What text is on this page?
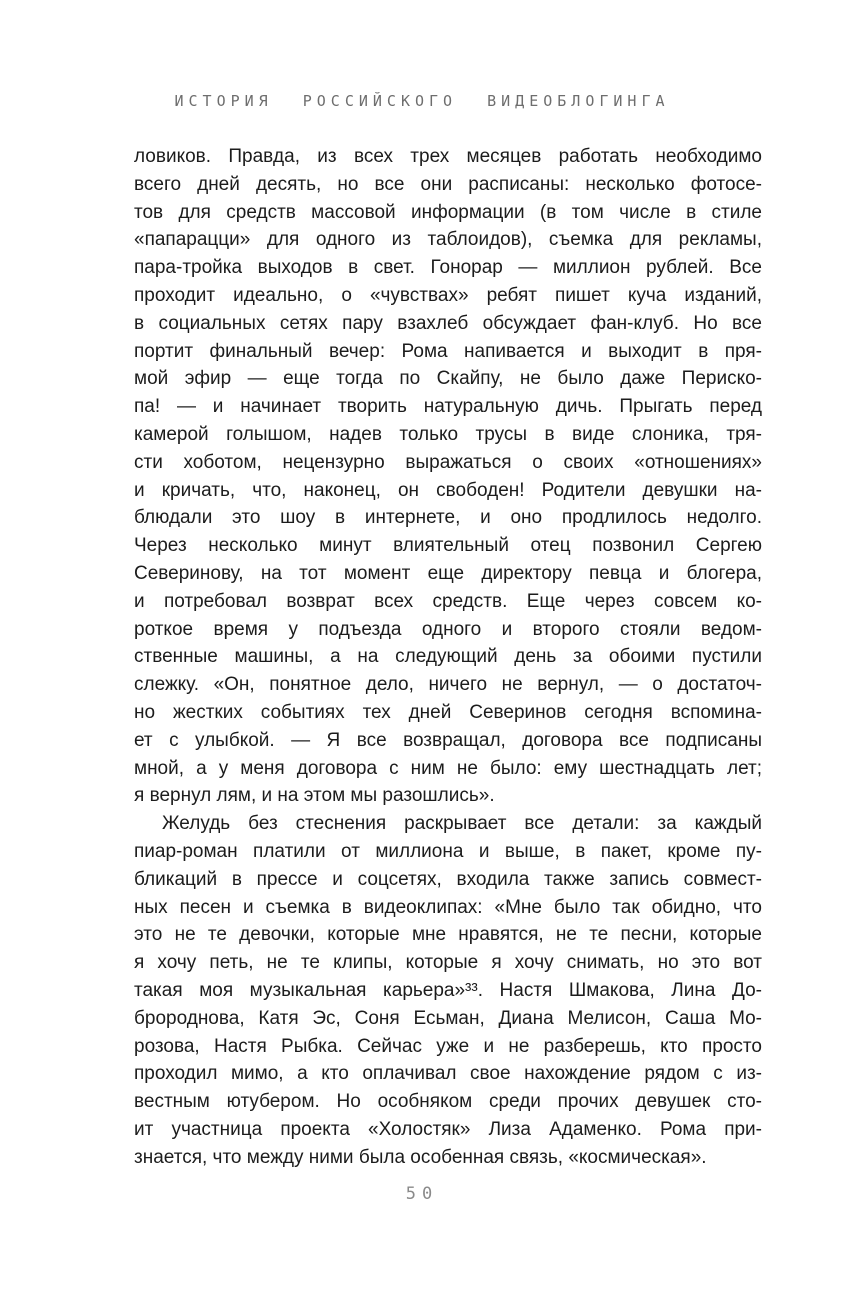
ИСТОРИЯ РОССИЙСКОГО ВИДЕОБЛОГИНГА
ловиков. Правда, из всех трех месяцев работать необходимо
всего дней десять, но все они расписаны: несколько фотосе-
тов для средств массовой информации (в том числе в стиле
«папарацци» для одного из таблоидов), съемка для рекламы,
пара-тройка выходов в свет. Гонорар — миллион рублей. Все
проходит идеально, о «чувствах» ребят пишет куча изданий,
в социальных сетях пару взахлеб обсуждает фан-клуб. Но все
портит финальный вечер: Рома напивается и выходит в пря-
мой эфир — еще тогда по Скайпу, не было даже Периско-
па! — и начинает творить натуральную дичь. Прыгать перед
камерой голышом, надев только трусы в виде слоника, тря-
сти хоботом, нецензурно выражаться о своих «отношениях»
и кричать, что, наконец, он свободен! Родители девушки на-
блюдали это шоу в интернете, и оно продлилось недолго.
Через несколько минут влиятельный отец позвонил Сергею
Северинову, на тот момент еще директору певца и блогера,
и потребовал возврат всех средств. Еще через совсем ко-
роткое время у подъезда одного и второго стояли ведом-
ственные машины, а на следующий день за обоими пустили
слежку. «Он, понятное дело, ничего не вернул, — о достаточ-
но жестких событиях тех дней Северинов сегодня вспомина-
ет с улыбкой. — Я все возвращал, договора все подписаны
мной, а у меня договора с ним не было: ему шестнадцать лет;
я вернул лям, и на этом мы разошлись».
Желудь без стеснения раскрывает все детали: за каждый
пиар-роман платили от миллиона и выше, в пакет, кроме пу-
бликаций в прессе и соцсетях, входила также запись совмест-
ных песен и съемка в видеоклипах: «Мне было так обидно, что
это не те девочки, которые мне нравятся, не те песни, которые
я хочу петь, не те клипы, которые я хочу снимать, но это вот
такая моя музыкальная карьера»³³. Настя Шмакова, Лина До-
бророднова, Катя Эс, Соня Есьман, Диана Мелисон, Саша Мо-
розова, Настя Рыбка. Сейчас уже и не разберешь, кто просто
проходил мимо, а кто оплачивал свое нахождение рядом с из-
вестным ютубером. Но особняком среди прочих девушек сто-
ит участница проекта «Холостяк» Лиза Адаменко. Рома при-
знается, что между ними была особенная связь, «космическая».
50
